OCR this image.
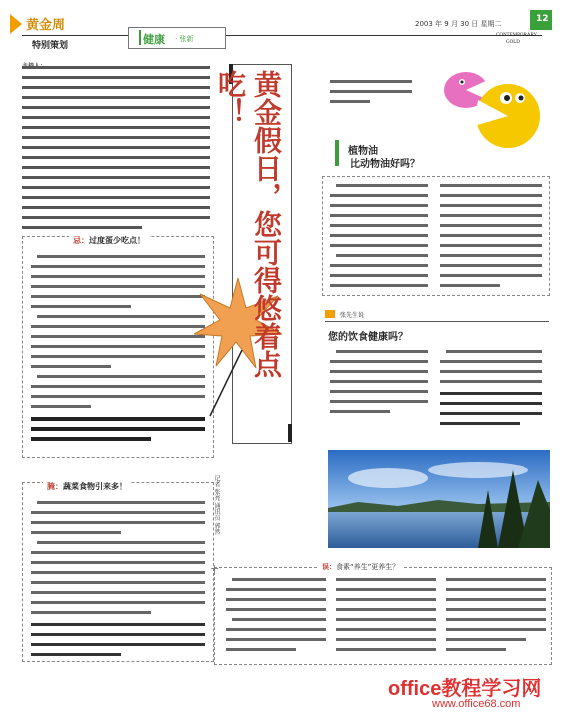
黄金周
特别策划	健康 · 张新
2003 年 9 月 30 日 星期二	12
CONTEMPORARY
GOLD

忌：过度蛋少吃点！
腌：蔬菜食物引来多！
黄金假日，您可得悠着点吃！
记者 张亮 通讯员 郭然
植物油
比动物油好吗？
张先生说
您的饮食健康吗？
+	误：食素“养生”更养生？
office教程学习网
www.office68.com
